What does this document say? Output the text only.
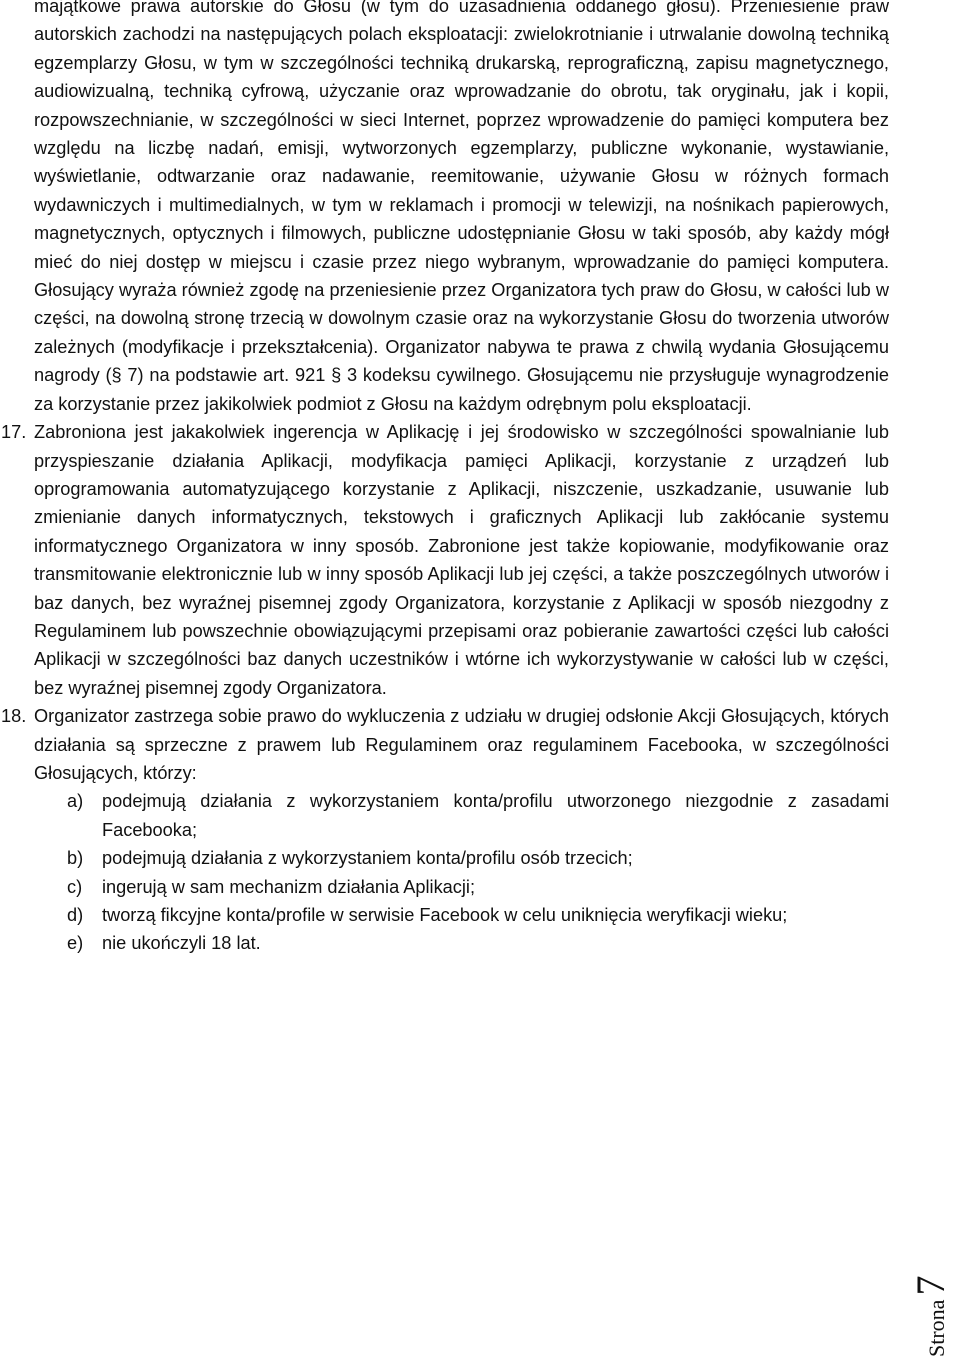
majątkowe prawa autorskie do Głosu (w tym do uzasadnienia oddanego głosu). Przeniesienie praw autorskich zachodzi na następujących polach eksploatacji: zwielokrotnianie i utrwalanie dowolną techniką egzemplarzy Głosu, w tym w szczególności techniką drukarską, reprograficzną, zapisu magnetycznego, audiowizualną, techniką cyfrową, użyczanie oraz wprowadzanie do obrotu, tak oryginału, jak i kopii, rozpowszechnianie, w szczególności w sieci Internet, poprzez wprowadzenie do pamięci komputera bez względu na liczbę nadań, emisji, wytworzonych egzemplarzy, publiczne wykonanie, wystawianie, wyświetlanie, odtwarzanie oraz nadawanie, reemitowanie, używanie Głosu w różnych formach wydawniczych i multimedialnych, w tym w reklamach i promocji w telewizji, na nośnikach papierowych, magnetycznych, optycznych i filmowych, publiczne udostępnianie Głosu w taki sposób, aby każdy mógł mieć do niej dostęp w miejscu i czasie przez niego wybranym, wprowadzanie do pamięci komputera. Głosujący wyraża również zgodę na przeniesienie przez Organizatora tych praw do Głosu, w całości lub w części, na dowolną stronę trzecią w dowolnym czasie oraz na wykorzystanie Głosu do tworzenia utworów zależnych (modyfikacje i przekształcenia). Organizator nabywa te prawa z chwilą wydania Głosującemu nagrody (§ 7) na podstawie art. 921 § 3 kodeksu cywilnego. Głosującemu nie przysługuje wynagrodzenie za korzystanie przez jakikolwiek podmiot z Głosu na każdym odrębnym polu eksploatacji.

17. Zabroniona jest jakakolwiek ingerencja w Aplikację i jej środowisko w szczególności spowalnianie lub przyspieszanie działania Aplikacji, modyfikacja pamięci Aplikacji, korzystanie z urządzeń lub oprogramowania automatyzującego korzystanie z Aplikacji, niszczenie, uszkadzanie, usuwanie lub zmienianie danych informatycznych, tekstowych i graficznych Aplikacji lub zakłócanie systemu informatycznego Organizatora w inny sposób. Zabronione jest także kopiowanie, modyfikowanie oraz transmitowanie elektronicznie lub w inny sposób Aplikacji lub jej części, a także poszczególnych utworów i baz danych, bez wyraźnej pisemnej zgody Organizatora, korzystanie z Aplikacji w sposób niezgodny z Regulaminem lub powszechnie obowiązującymi przepisami oraz pobieranie zawartości części lub całości Aplikacji w szczególności baz danych uczestników i wtórne ich wykorzystywanie w całości lub w części, bez wyraźnej pisemnej zgody Organizatora.

18. Organizator zastrzega sobie prawo do wykluczenia z udziału w drugiej odsłonie Akcji Głosujących, których działania są sprzeczne z prawem lub Regulaminem oraz regulaminem Facebooka, w szczególności Głosujących, którzy:

a) podejmują działania z wykorzystaniem konta/profilu utworzonego niezgodnie z zasadami Facebooka;
b) podejmują działania z wykorzystaniem konta/profilu osób trzecich;
c) ingerują w sam mechanizm działania Aplikacji;
d) tworzą fikcyjne konta/profile w serwisie Facebook w celu uniknięcia weryfikacji wieku;
e) nie ukończyli 18 lat.
Strona7
